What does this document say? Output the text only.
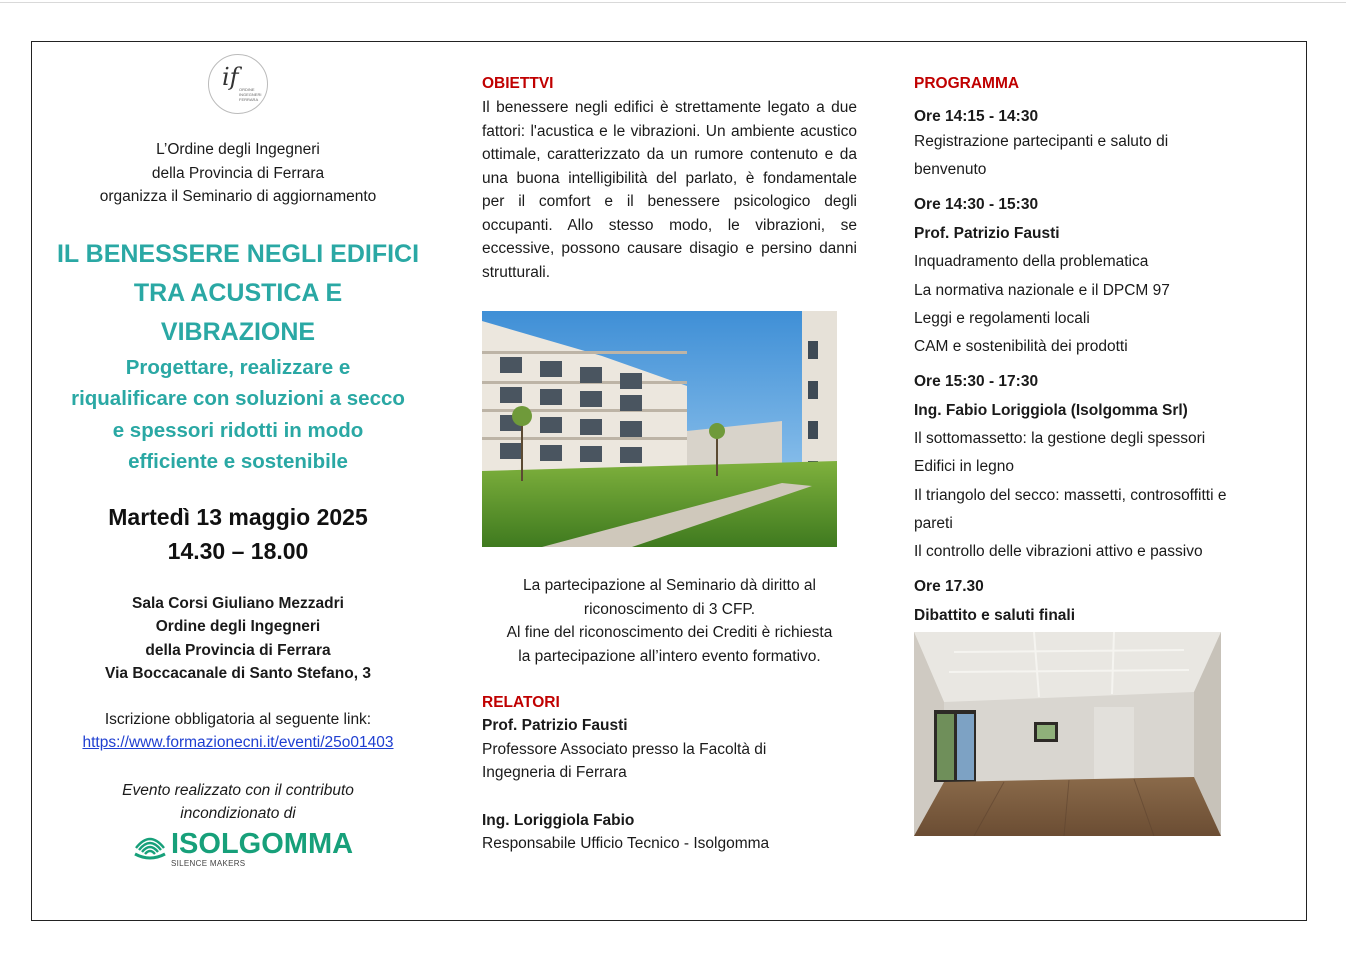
if ORDINE INGEGNERI FERRARA
L’Ordine degli Ingegneri
della Provincia di Ferrara
organizza il Seminario di aggiornamento
IL BENESSERE NEGLI EDIFICI
TRA ACUSTICA E
VIBRAZIONE
Progettare, realizzare e
riqualificare con soluzioni a secco
e spessori ridotti in modo
efficiente e sostenibile
Martedì 13 maggio 2025
14.30 – 18.00
Sala Corsi Giuliano Mezzadri
Ordine degli Ingegneri
della Provincia di Ferrara
Via Boccacanale di Santo Stefano, 3
Iscrizione obbligatoria al seguente link:
https://www.formazionecni.it/eventi/25o01403
Evento realizzato con il contributo
incondizionato di
ISOLGOMMA
SILENCE MAKERS
OBIETTVI

Il benessere negli edifici è strettamente legato a due fattori: l'acustica e le vibrazioni. Un ambiente acustico ottimale, caratterizzato da un rumore contenuto e da una buona intelligibilità del parlato, è fondamentale per il comfort e il benessere psicologico degli occupanti. Allo stesso modo, le vibrazioni, se eccessive, possono causare disagio e persino danni strutturali.

La partecipazione al Seminario dà diritto al
riconoscimento di 3 CFP.
Al fine del riconoscimento dei Crediti è richiesta
la partecipazione all’intero evento formativo.
RELATORI
Prof. Patrizio Fausti
Professore Associato presso la Facoltà di
Ingegneria di Ferrara
Ing. Loriggiola Fabio
Responsabile Ufficio Tecnico - Isolgomma
PROGRAMMA
Ore 14:15 - 14:30
Registrazione partecipanti e saluto di
benvenuto
Ore 14:30 - 15:30
Prof. Patrizio Fausti
Inquadramento della problematica
La normativa nazionale e il DPCM 97
Leggi e regolamenti locali
CAM e sostenibilità dei prodotti
Ore 15:30 - 17:30
Ing. Fabio Loriggiola (Isolgomma Srl)
Il sottomassetto: la gestione degli spessori
Edifici in legno
Il triangolo del secco: massetti, controsoffitti e
pareti
Il controllo delle vibrazioni attivo e passivo
Ore 17.30
Dibattito e saluti finali
